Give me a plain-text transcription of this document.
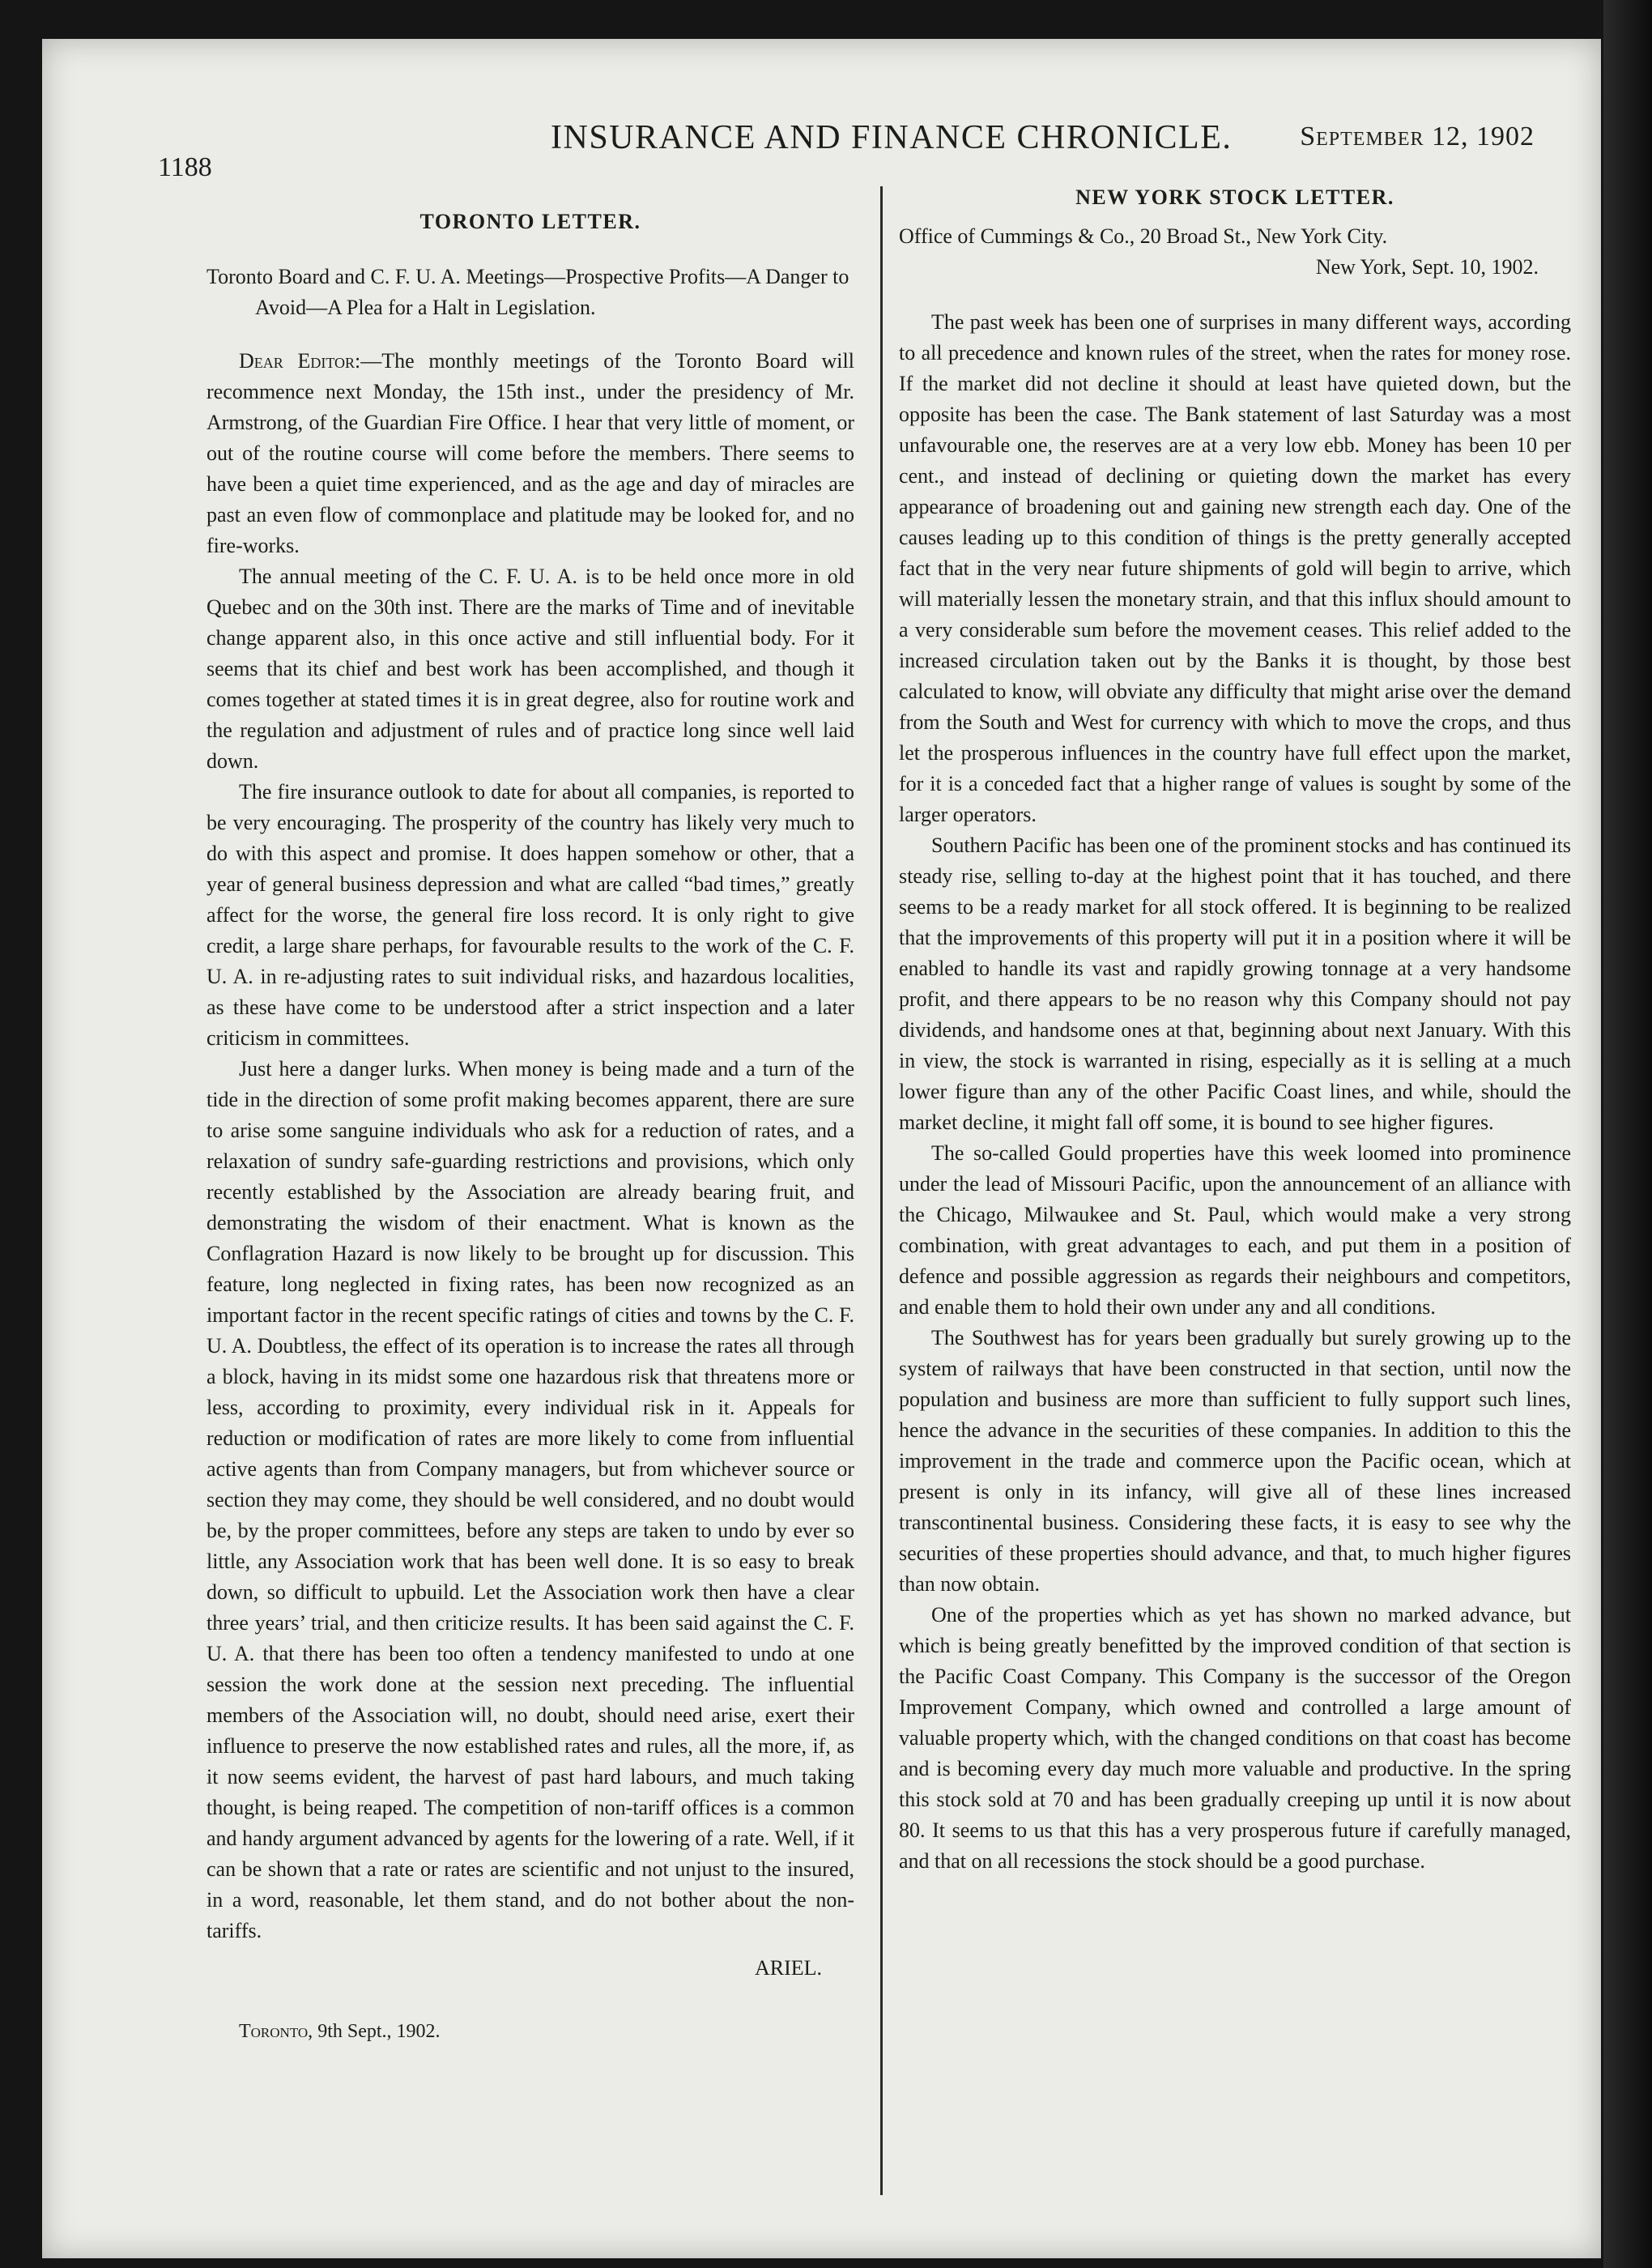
1188
INSURANCE AND FINANCE CHRONICLE. September 12, 1902

TORONTO LETTER.

Toronto Board and C. F. U. A. Meetings—Prospective Profits—A Danger to Avoid—A Plea for a Halt in Legislation.

Dear Editor:—The monthly meetings of the Toronto Board will recommence next Monday, the 15th inst., under the presidency of Mr. Armstrong, of the Guardian Fire Office. I hear that very little of moment, or out of the routine course will come before the members. There seems to have been a quiet time experienced, and as the age and day of miracles are past an even flow of commonplace and platitude may be looked for, and no fire-works.

The annual meeting of the C. F. U. A. is to be held once more in old Quebec and on the 30th inst. There are the marks of Time and of inevitable change apparent also, in this once active and still influential body. For it seems that its chief and best work has been accomplished, and though it comes together at stated times it is in great degree, also for routine work and the regulation and adjustment of rules and of practice long since well laid down.

The fire insurance outlook to date for about all companies, is reported to be very encouraging. The prosperity of the country has likely very much to do with this aspect and promise. It does happen somehow or other, that a year of general business depression and what are called “bad times,” greatly affect for the worse, the general fire loss record. It is only right to give credit, a large share perhaps, for favourable results to the work of the C. F. U. A. in re-adjusting rates to suit individual risks, and hazardous localities, as these have come to be understood after a strict inspection and a later criticism in committees.

Just here a danger lurks. When money is being made and a turn of the tide in the direction of some profit making becomes apparent, there are sure to arise some sanguine individuals who ask for a reduction of rates, and a relaxation of sundry safe-guarding restrictions and provisions, which only recently established by the Association are already bearing fruit, and demonstrating the wisdom of their enactment. What is known as the Conflagration Hazard is now likely to be brought up for discussion. This feature, long neglected in fixing rates, has been now recognized as an important factor in the recent specific ratings of cities and towns by the C. F. U. A. Doubtless, the effect of its operation is to increase the rates all through a block, having in its midst some one hazardous risk that threatens more or less, according to proximity, every individual risk in it. Appeals for reduction or modification of rates are more likely to come from influential active agents than from Company managers, but from whichever source or section they may come, they should be well considered, and no doubt would be, by the proper committees, before any steps are taken to undo by ever so little, any Association work that has been well done. It is so easy to break down, so difficult to upbuild. Let the Association work then have a clear three years’ trial, and then criticize results. It has been said against the C. F. U. A. that there has been too often a tendency manifested to undo at one session the work done at the session next preceding. The influential members of the Association will, no doubt, should need arise, exert their influence to preserve the now established rates and rules, all the more, if, as it now seems evident, the harvest of past hard labours, and much taking thought, is being reaped. The competition of non-tariff offices is a common and handy argument advanced by agents for the lowering of a rate. Well, if it can be shown that a rate or rates are scientific and not unjust to the insured, in a word, reasonable, let them stand, and do not bother about the non-tariffs.

ARIEL.

Toronto, 9th Sept., 1902.

NEW YORK STOCK LETTER.

Office of Cummings & Co., 20 Broad St., New York City.

New York, Sept. 10, 1902.

The past week has been one of surprises in many different ways, according to all precedence and known rules of the street, when the rates for money rose. If the market did not decline it should at least have quieted down, but the opposite has been the case. The Bank statement of last Saturday was a most unfavourable one, the reserves are at a very low ebb. Money has been 10 per cent., and instead of declining or quieting down the market has every appearance of broadening out and gaining new strength each day. One of the causes leading up to this condition of things is the pretty generally accepted fact that in the very near future shipments of gold will begin to arrive, which will materially lessen the monetary strain, and that this influx should amount to a very considerable sum before the movement ceases. This relief added to the increased circulation taken out by the Banks it is thought, by those best calculated to know, will obviate any difficulty that might arise over the demand from the South and West for currency with which to move the crops, and thus let the prosperous influences in the country have full effect upon the market, for it is a conceded fact that a higher range of values is sought by some of the larger operators.

Southern Pacific has been one of the prominent stocks and has continued its steady rise, selling to-day at the highest point that it has touched, and there seems to be a ready market for all stock offered. It is beginning to be realized that the improvements of this property will put it in a position where it will be enabled to handle its vast and rapidly growing tonnage at a very handsome profit, and there appears to be no reason why this Company should not pay dividends, and handsome ones at that, beginning about next January. With this in view, the stock is warranted in rising, especially as it is selling at a much lower figure than any of the other Pacific Coast lines, and while, should the market decline, it might fall off some, it is bound to see higher figures.

The so-called Gould properties have this week loomed into prominence under the lead of Missouri Pacific, upon the announcement of an alliance with the Chicago, Milwaukee and St. Paul, which would make a very strong combination, with great advantages to each, and put them in a position of defence and possible aggression as regards their neighbours and competitors, and enable them to hold their own under any and all conditions.

The Southwest has for years been gradually but surely growing up to the system of railways that have been constructed in that section, until now the population and business are more than sufficient to fully support such lines, hence the advance in the securities of these companies. In addition to this the improvement in the trade and commerce upon the Pacific ocean, which at present is only in its infancy, will give all of these lines increased transcontinental business. Considering these facts, it is easy to see why the securities of these properties should advance, and that, to much higher figures than now obtain.

One of the properties which as yet has shown no marked advance, but which is being greatly benefitted by the improved condition of that section is the Pacific Coast Company. This Company is the successor of the Oregon Improvement Company, which owned and controlled a large amount of valuable property which, with the changed conditions on that coast has become and is becoming every day much more valuable and productive. In the spring this stock sold at 70 and has been gradually creeping up until it is now about 80. It seems to us that this has a very prosperous future if carefully managed, and that on all recessions the stock should be a good purchase.
